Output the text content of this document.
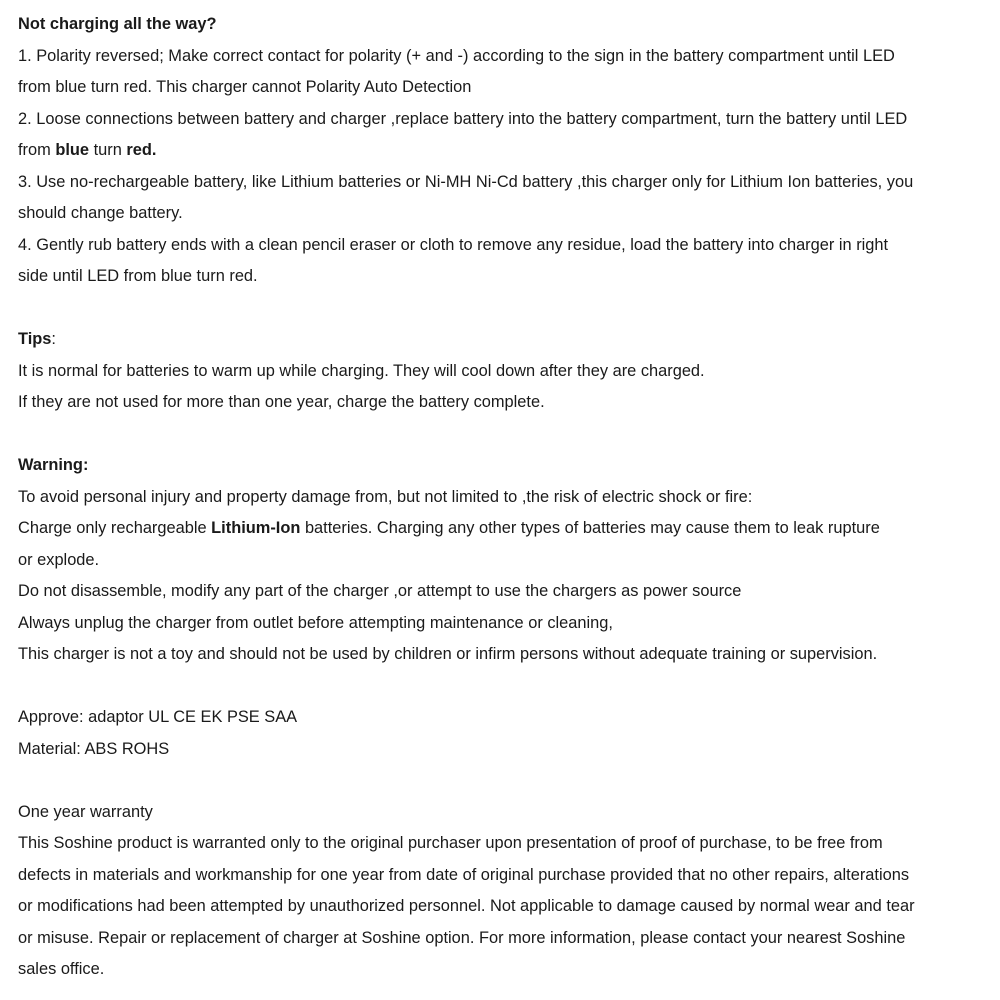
Not charging all the way?
1. Polarity reversed; Make correct contact for polarity (+ and -) according to the sign in the battery compartment until LED
from blue turn red. This charger cannot Polarity Auto Detection
2. Loose connections between battery and charger ,replace battery into the battery compartment, turn the battery until LED
from blue turn red.
3. Use no-rechargeable battery, like Lithium batteries or Ni-MH Ni-Cd battery ,this charger only for Lithium Ion batteries, you
should change battery.
4. Gently rub battery ends with a clean pencil eraser or cloth to remove any residue, load the battery into charger in right
side until LED from blue turn red.
Tips:
It is normal for batteries to warm up while charging. They will cool down after they are charged.
If they are not used for more than one year, charge the battery complete.
Warning:
To avoid personal injury and property damage from, but not limited to ,the risk of electric shock or fire:
Charge only rechargeable Lithium-Ion batteries. Charging any other types of batteries may cause them to leak rupture
or explode.
Do not disassemble, modify any part of the charger ,or attempt to use the chargers as power source
Always unplug the charger from outlet before attempting maintenance or cleaning,
This charger is not a toy and should not be used by children or infirm persons without adequate training or supervision.
Approve: adaptor UL CE EK PSE SAA
Material: ABS ROHS
One year warranty
This Soshine product is warranted only to the original purchaser upon presentation of proof of purchase, to be free from
defects in materials and workmanship for one year from date of original purchase provided that no other repairs, alterations
or modifications had been attempted by unauthorized personnel. Not applicable to damage caused by normal wear and tear
or misuse. Repair or replacement of charger at Soshine option. For more information, please contact your nearest Soshine
sales office.
